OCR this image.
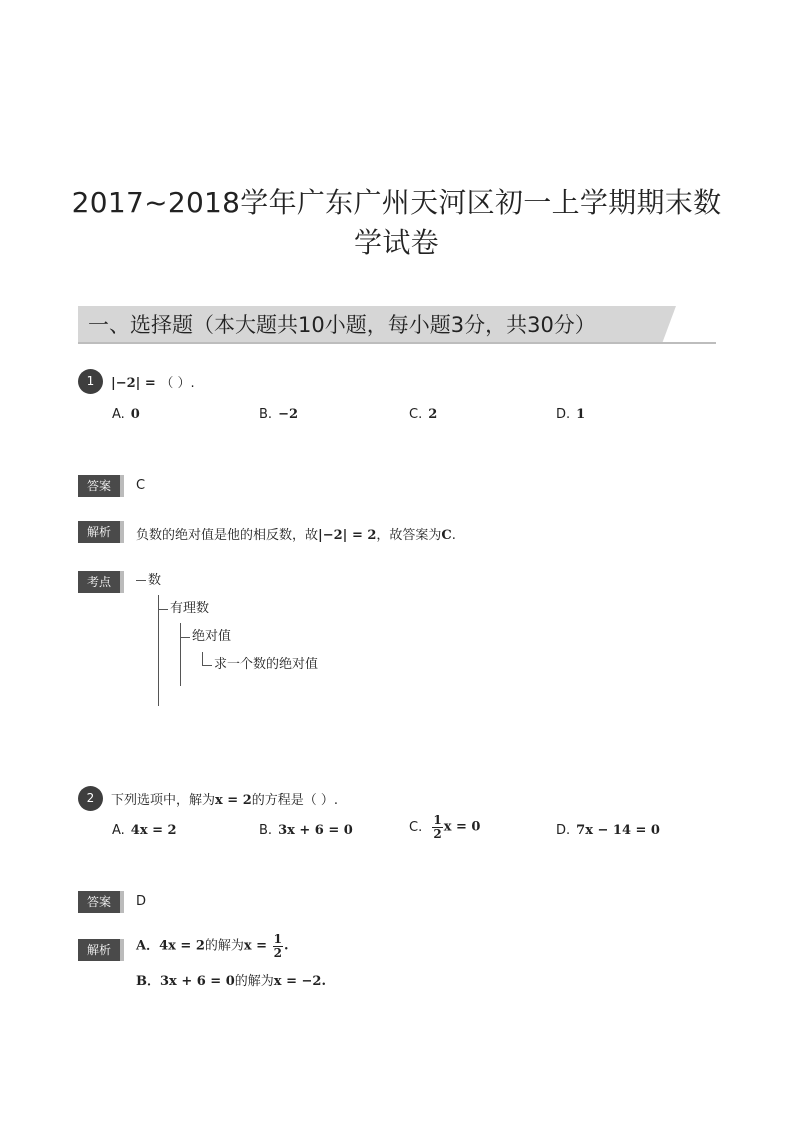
2017~2018学年广东广州天河区初一上学期期末数
学试卷
一、选择题（本大题共10小题，每小题3分，共30分）
1	|−2| = （ ）.
A. 0	B. −2	C. 2	D. 1
答案	C
解析	负数的绝对值是他的相反数，故|−2| = 2，故答案为C.
考点	数
有理数
绝对值
求一个数的绝对值
2	下列选项中，解为x = 2的方程是（ ）.
A. 4x = 2	B. 3x + 6 = 0	C. $\frac{1}{2}$ x = 0	D. 7x − 14 = 0
答案	D
解析	A．4x = 2的解为$x = \frac{1}{2}$ .
B．3x + 6 = 0的解为x = −2.
